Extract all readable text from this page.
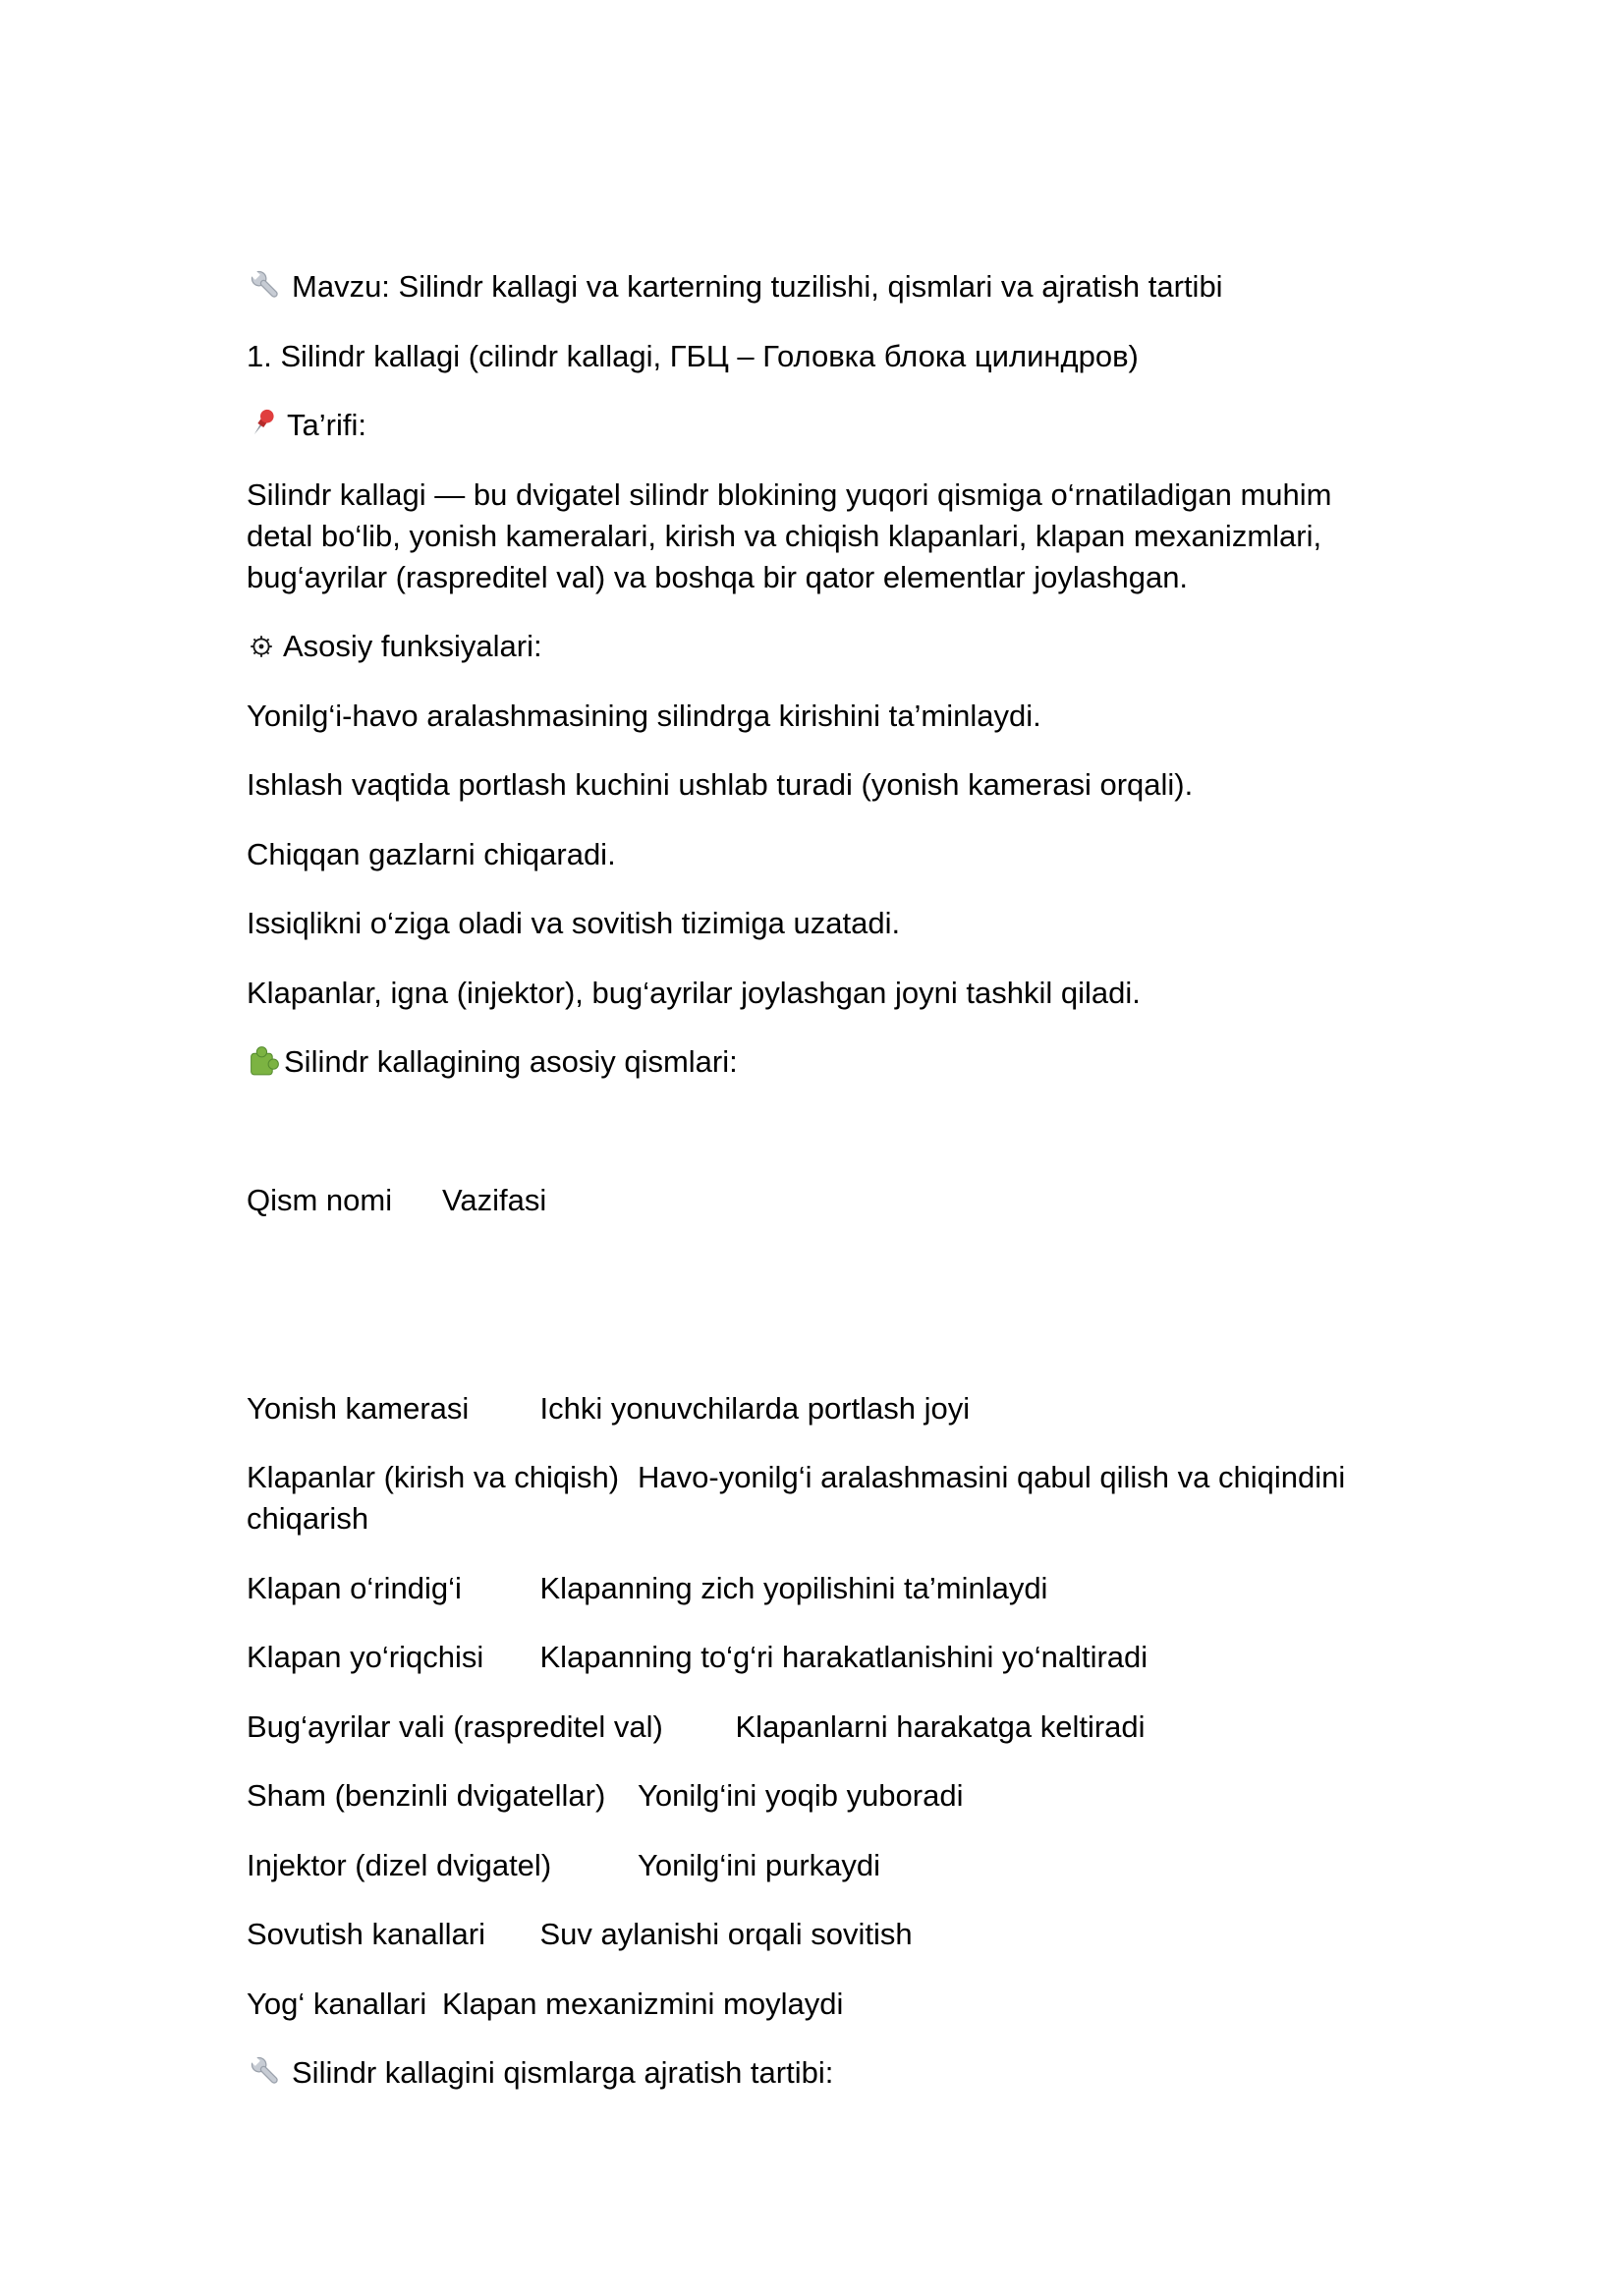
Mavzu: Silindr kallagi va karterning tuzilishi, qismlari va ajratish tartibi
1. Silindr kallagi (cilindr kallagi, ГБЦ – Головка блока цилиндров)
Ta’rifi:
Silindr kallagi — bu dvigatel silindr blokining yuqori qismiga o‘rnatiladigan muhim detal bo‘lib, yonish kameralari, kirish va chiqish klapanlari, klapan mexanizmlari, bug‘ayrilar (raspreditel val) va boshqa bir qator elementlar joylashgan.
Asosiy funksiyalari:
Yonilg‘i-havo aralashmasining silindrga kirishini ta’minlaydi.
Ishlash vaqtida portlash kuchini ushlab turadi (yonish kamerasi orqali).
Chiqqan gazlarni chiqaradi.
Issiqlikni o‘ziga oladi va sovitish tizimiga uzatadi.
Klapanlar, igna (injektor), bug‘ayrilar joylashgan joyni tashkil qiladi.
Silindr kallagining asosiy qismlari:
Qism nomi	Vazifasi
Yonish kamerasi	Ichki yonuvchilarda portlash joyi
Klapanlar (kirish va chiqish)	Havo-yonilg‘i aralashmasini qabul qilish va chiqindini chiqarish
Klapan o‘rindig‘i	Klapanning zich yopilishini ta’minlaydi
Klapan yo‘riqchisi	Klapanning to‘g‘ri harakatlanishini yo‘naltiradi
Bug‘ayrilar vali (raspreditel val)	Klapanlarni harakatga keltiradi
Sham (benzinli dvigatellar)	Yonilg‘ini yoqib yuboradi
Injektor (dizel dvigatel)	Yonilg‘ini purkaydi
Sovutish kanallari	Suv aylanishi orqali sovitish
Yog‘ kanallari	Klapan mexanizmini moylaydi
Silindr kallagini qismlarga ajratish tartibi:
